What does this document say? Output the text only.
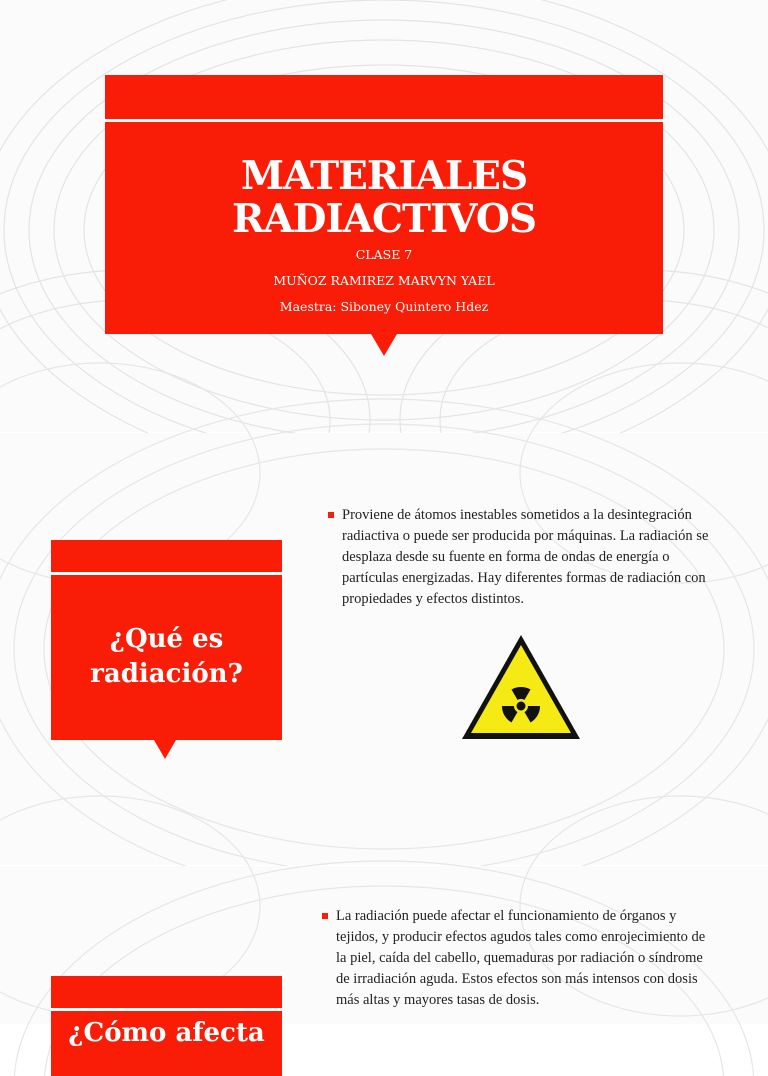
MATERIALES
RADIACTIVOS
CLASE 7
MUÑOZ RAMIREZ MARVYN YAEL
Maestra: Siboney Quintero Hdez
¿Qué es
radiación?
Proviene de átomos inestables sometidos a la desintegración radiactiva o puede ser producida por máquinas. La radiación se desplaza desde su fuente en forma de ondas de energía o partículas energizadas. Hay diferentes formas de radiación con propiedades y efectos distintos.
¿Cómo afecta
La radiación puede afectar el funcionamiento de órganos y tejidos, y producir efectos agudos tales como enrojecimiento de la piel, caída del cabello, quemaduras por radiación o síndrome de irradiación aguda. Estos efectos son más intensos con dosis más altas y mayores tasas de dosis.
